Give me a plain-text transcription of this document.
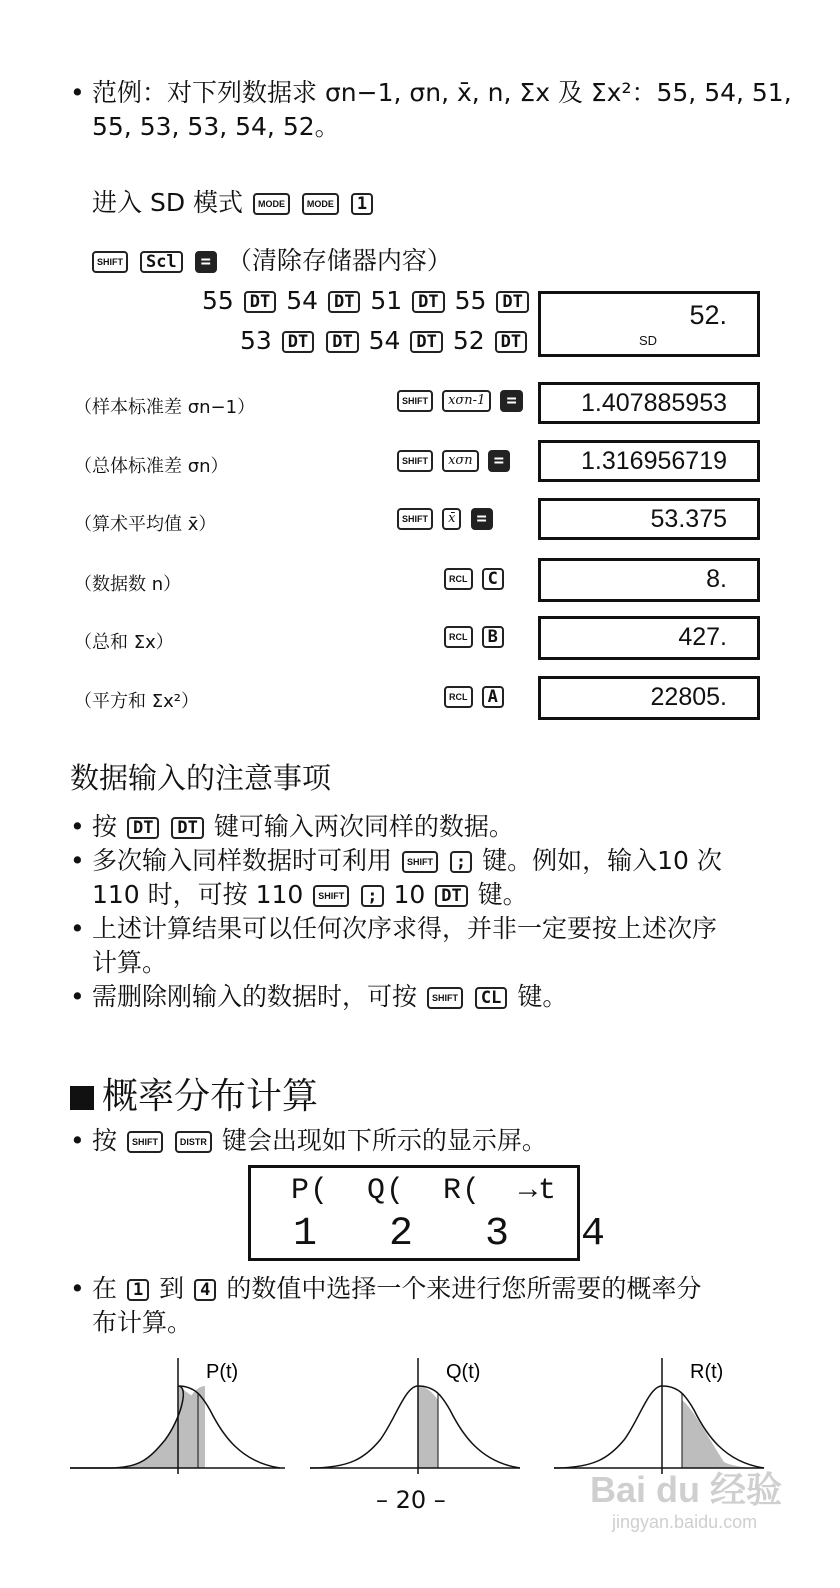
• 范例：对下列数据求 σn−1, σn, x̄, n, Σx 及 Σx²：55, 54, 51,
55, 53, 53, 54, 52。
进入 SD 模式 MODE MODE 1
SHIFT Scl = （清除存储器内容）
55 DT 54 DT 51 DT 55 DT
53 DT DT 54 DT 52 DT
52.
SD
（样本标准差 σn−1）	SHIFT xσn-1 =	1.407885953
（总体标准差 σn）	SHIFT xσn =	1.316956719
（算术平均值 x̄）	SHIFT x̄ =	53.375
（数据数 n）	RCL C	8.
（总和 Σx）	RCL B	427.
（平方和 Σx²）	RCL A	22805.
数据输入的注意事项
• 按 DT DT 键可输入两次同样的数据。
• 多次输入同样数据时可利用 SHIFT ; 键。例如，输入10 次
110 时，可按 110 SHIFT ; 10 DT 键。
• 上述计算结果可以任何次序求得，并非一定要按上述次序
计算。
• 需删除刚输入的数据时，可按 SHIFT CL 键。
概率分布计算
• 按 SHIFT DISTR 键会出现如下所示的显示屏。
P(  Q(  R(  →t
1   2   3   4
• 在 1 到 4 的数值中选择一个来进行您所需要的概率分
布计算。
P(t)	Q(t)	R(t)
– 20 –	Bai du 经验
jingyan.baidu.com
